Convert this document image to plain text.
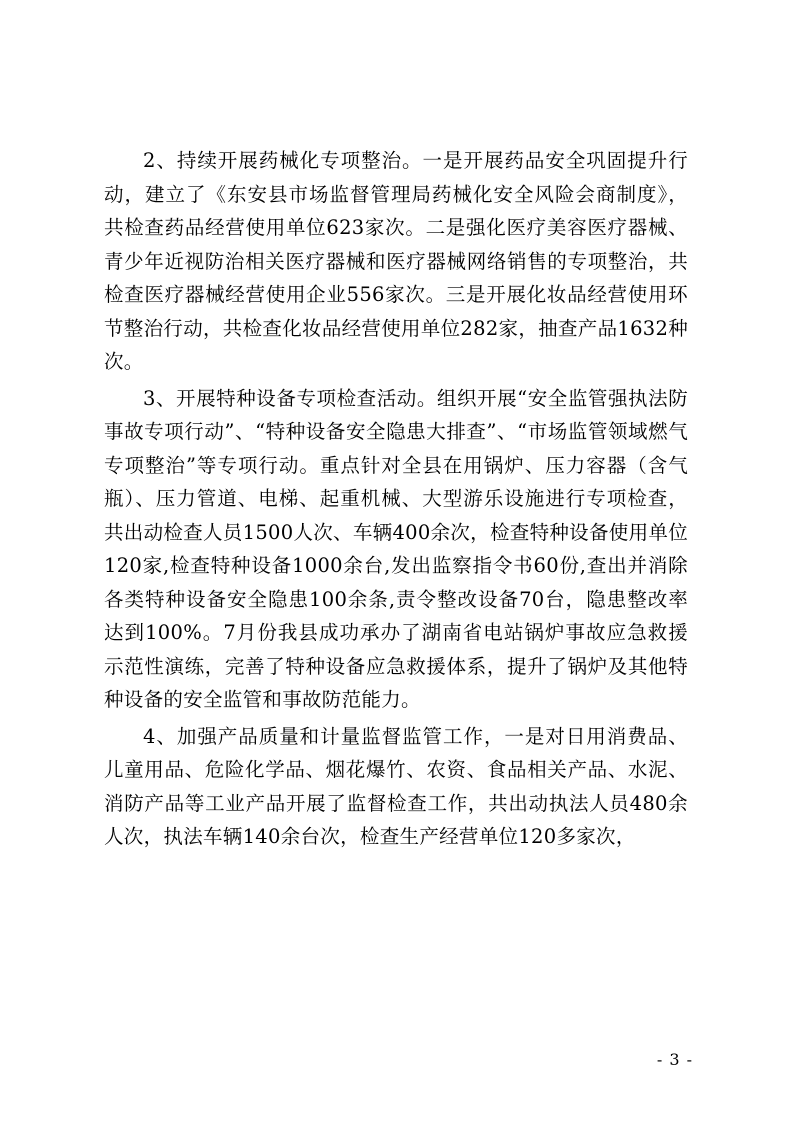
2、持续开展药械化专项整治。一是开展药品安全巩固提升行动，建立了《东安县市场监督管理局药械化安全风险会商制度》，共检查药品经营使用单位623家次。二是强化医疗美容医疗器械、青少年近视防治相关医疗器械和医疗器械网络销售的专项整治，共检查医疗器械经营使用企业556家次。三是开展化妆品经营使用环节整治行动，共检查化妆品经营使用单位282家，抽查产品1632种次。

3、开展特种设备专项检查活动。组织开展“安全监管强执法防事故专项行动”、“特种设备安全隐患大排查”、“市场监管领域燃气专项整治”等专项行动。重点针对全县在用锅炉、压力容器（含气瓶）、压力管道、电梯、起重机械、大型游乐设施进行专项检查，共出动检查人员1500人次、车辆400余次，检查特种设备使用单位120家,检查特种设备1000余台,发出监察指令书60份,查出并消除各类特种设备安全隐患100余条,责令整改设备70台，隐患整改率达到100%。7月份我县成功承办了湖南省电站锅炉事故应急救援示范性演练，完善了特种设备应急救援体系，提升了锅炉及其他特种设备的安全监管和事故防范能力。

4、加强产品质量和计量监督监管工作，一是对日用消费品、儿童用品、危险化学品、烟花爆竹、农资、食品相关产品、水泥、消防产品等工业产品开展了监督检查工作，共出动执法人员480余人次，执法车辆140余台次，检查生产经营单位120多家次，

- 3 -
